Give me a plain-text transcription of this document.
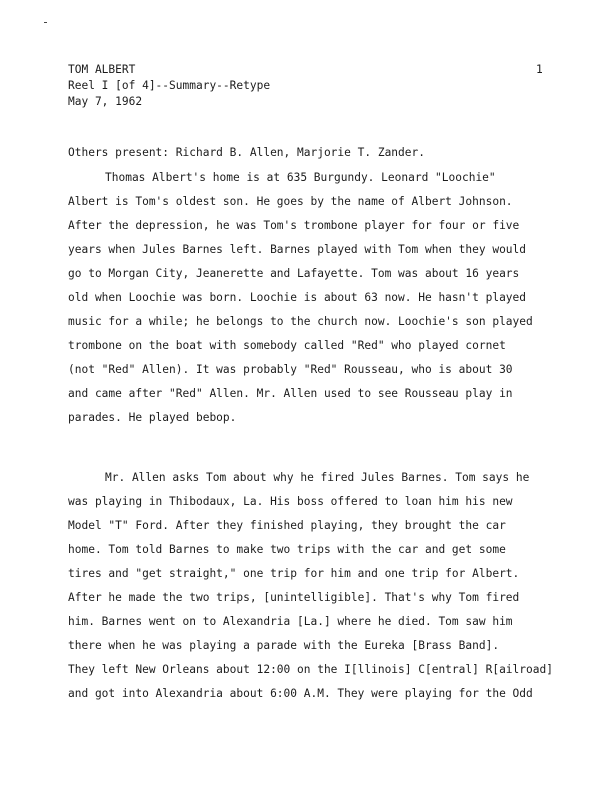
TOM ALBERT
Reel I [of 4]--Summary--Retype
May 7, 1962
1
Others present: Richard B. Allen, Marjorie T. Zander.
Thomas Albert's home is at 635 Burgundy. Leonard "Loochie"
Albert is Tom's oldest son. He goes by the name of Albert Johnson.
After the depression, he was Tom's trombone player for four or five
years when Jules Barnes left. Barnes played with Tom when they would
go to Morgan City, Jeanerette and Lafayette. Tom was about 16 years
old when Loochie was born. Loochie is about 63 now. He hasn't played
music for a while; he belongs to the church now. Loochie's son played
trombone on the boat with somebody called "Red" who played cornet
(not "Red" Allen). It was probably "Red" Rousseau, who is about 30
and came after "Red" Allen. Mr. Allen used to see Rousseau play in
parades. He played bebop.
Mr. Allen asks Tom about why he fired Jules Barnes. Tom says he
was playing in Thibodaux, La. His boss offered to loan him his new
Model "T" Ford. After they finished playing, they brought the car
home. Tom told Barnes to make two trips with the car and get some
tires and "get straight," one trip for him and one trip for Albert.
After he made the two trips, [unintelligible]. That's why Tom fired
him. Barnes went on to Alexandria [La.] where he died. Tom saw him
there when he was playing a parade with the Eureka [Brass Band].
They left New Orleans about 12:00 on the I[llinois] C[entral] R[ailroad]
and got into Alexandria about 6:00 A.M. They were playing for the Odd
